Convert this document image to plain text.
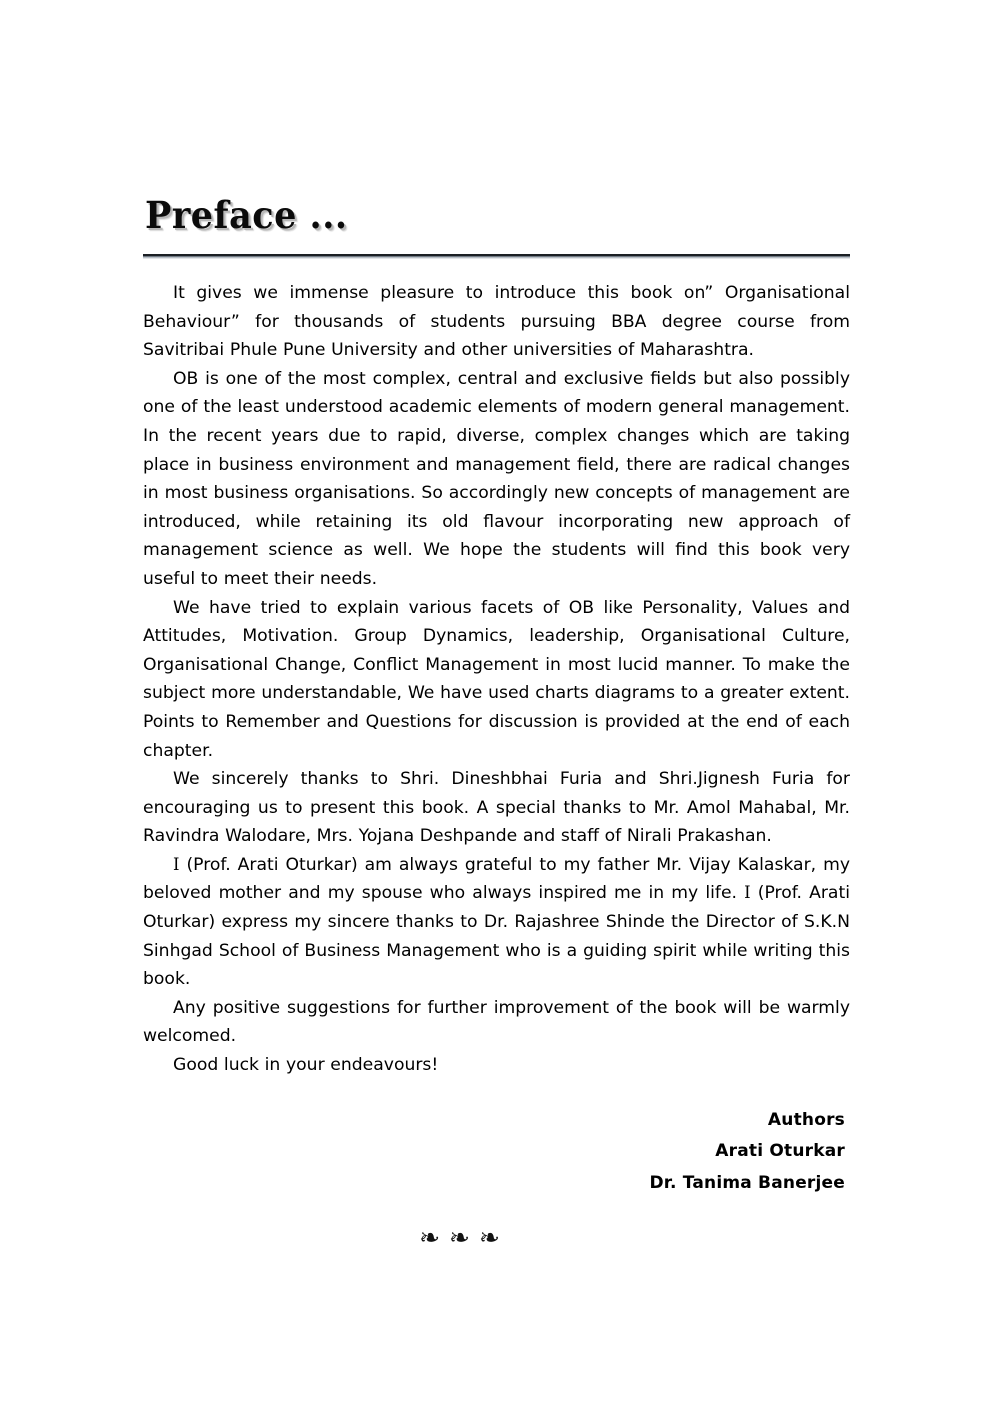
Preface ...

It gives we immense pleasure to introduce this book on” Organisational Behaviour” for thousands of students pursuing BBA degree course from Savitribai Phule Pune University and other universities of Maharashtra.

OB is one of the most complex, central and exclusive fields but also possibly one of the least understood academic elements of modern general management. In the recent years due to rapid, diverse, complex changes which are taking place in business environment and management field, there are radical changes in most business organisations. So accordingly new concepts of management are introduced, while retaining its old flavour incorporating new approach of management science as well. We hope the students will find this book very useful to meet their needs.

We have tried to explain various facets of OB like Personality, Values and Attitudes, Motivation. Group Dynamics, leadership, Organisational Culture, Organisational Change, Conflict Management in most lucid manner. To make the subject more understandable, We have used charts diagrams to a greater extent. Points to Remember and Questions for discussion is provided at the end of each chapter.

We sincerely thanks to Shri. Dineshbhai Furia and Shri.Jignesh Furia for encouraging us to present this book. A special thanks to Mr. Amol Mahabal, Mr. Ravindra Walodare, Mrs. Yojana Deshpande and staff of Nirali Prakashan.

I (Prof. Arati Oturkar) am always grateful to my father Mr. Vijay Kalaskar, my beloved mother and my spouse who always inspired me in my life. I (Prof. Arati Oturkar) express my sincere thanks to Dr. Rajashree Shinde the Director of S.K.N Sinhgad School of Business Management who is a guiding spirit while writing this book.

Any positive suggestions for further improvement of the book will be warmly welcomed.

Good luck in your endeavours!

Authors
Arati Oturkar
Dr. Tanima Banerjee
❧❧❧
